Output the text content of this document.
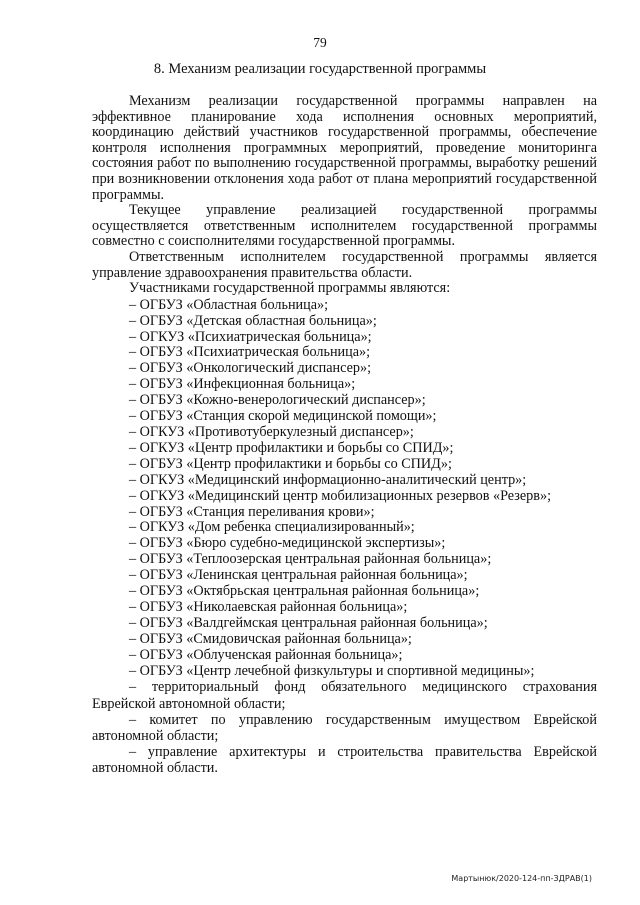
79
8. Механизм реализации государственной программы

Механизм реализации государственной программы направлен на эффективное планирование хода исполнения основных мероприятий, координацию действий участников государственной программы, обеспечение контроля исполнения программных мероприятий, проведение мониторинга состояния работ по выполнению государственной программы, выработку решений при возникновении отклонения хода работ от плана мероприятий государственной программы.

Текущее управление реализацией государственной программы осуществляется ответственным исполнителем государственной программы совместно с соисполнителями государственной программы.

Ответственным исполнителем государственной программы является управление здравоохранения правительства области.

Участниками государственной программы являются:

– ОГБУЗ «Областная больница»;
– ОГБУЗ «Детская областная больница»;
– ОГКУЗ «Психиатрическая больница»;
– ОГБУЗ «Психиатрическая больница»;
– ОГБУЗ «Онкологический диспансер»;
– ОГБУЗ «Инфекционная больница»;
– ОГБУЗ «Кожно-венерологический диспансер»;
– ОГБУЗ «Станция скорой медицинской помощи»;
– ОГКУЗ «Противотуберкулезный диспансер»;
– ОГКУЗ «Центр профилактики и борьбы со СПИД»;
– ОГБУЗ «Центр профилактики и борьбы со СПИД»;
– ОГКУЗ «Медицинский информационно-аналитический центр»;
– ОГКУЗ «Медицинский центр мобилизационных резервов «Резерв»;
– ОГБУЗ «Станция переливания крови»;
– ОГКУЗ «Дом ребенка специализированный»;
– ОГБУЗ «Бюро судебно-медицинской экспертизы»;
– ОГБУЗ «Теплоозерская центральная районная больница»;
– ОГБУЗ «Ленинская центральная районная больница»;
– ОГБУЗ «Октябрьская центральная районная больница»;
– ОГБУЗ «Николаевская районная больница»;
– ОГБУЗ «Валдгеймская центральная районная больница»;
– ОГБУЗ «Смидовичская районная больница»;
– ОГБУЗ «Облученская районная больница»;
– ОГБУЗ «Центр лечебной физкультуры и спортивной медицины»;

– территориальный фонд обязательного медицинского страхования Еврейской автономной области;

– комитет по управлению государственным имуществом Еврейской автономной области;

– управление архитектуры и строительства правительства Еврейской автономной области.

Мартынюк/2020-124-пп-ЗДРАВ(1)
